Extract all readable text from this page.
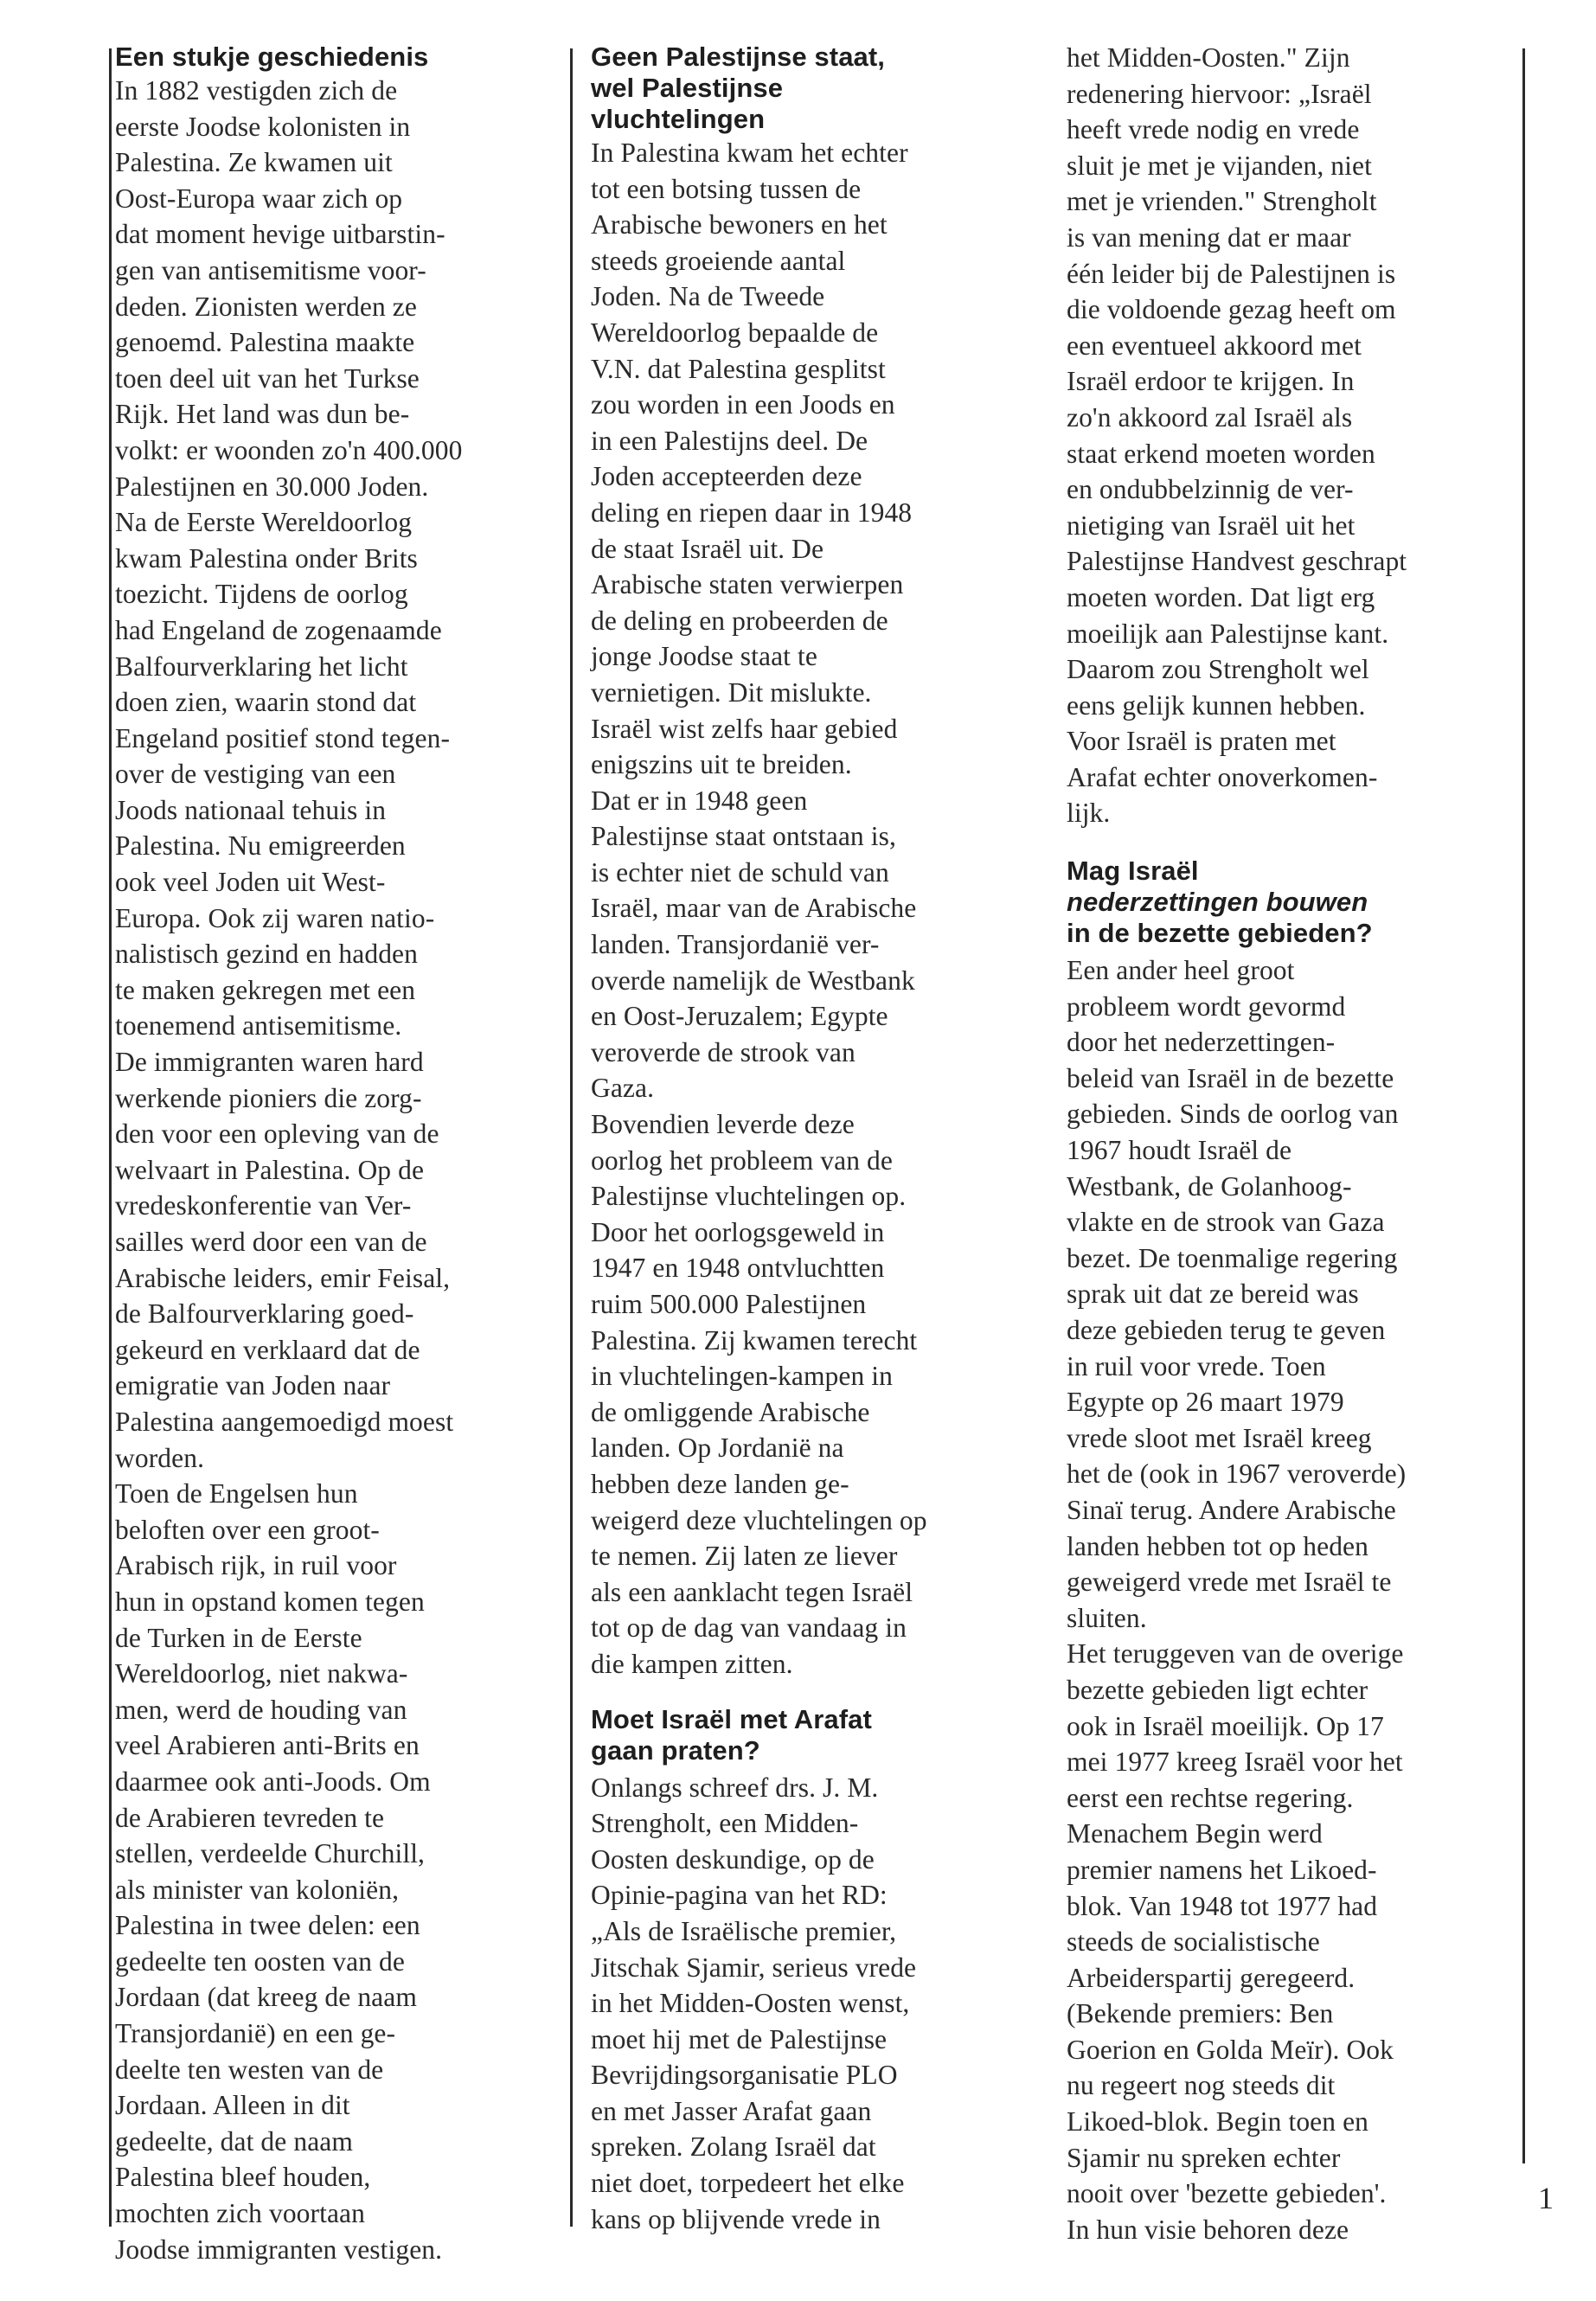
Een stukje geschiedenis

In 1882 vestigden zich de

eerste Joodse kolonisten in

Palestina. Ze kwamen uit

Oost-Europa waar zich op

dat moment hevige uitbarstin-

gen van antisemitisme voor-

deden. Zionisten werden ze

genoemd. Palestina maakte

toen deel uit van het Turkse

Rijk. Het land was dun be-

volkt: er woonden zo'n 400.000

Palestijnen en 30.000 Joden.

Na de Eerste Wereldoorlog

kwam Palestina onder Brits

toezicht. Tijdens de oorlog

had Engeland de zogenaamde

Balfourverklaring het licht

doen zien, waarin stond dat

Engeland positief stond tegen-

over de vestiging van een

Joods nationaal tehuis in

Palestina. Nu emigreerden

ook veel Joden uit West-

Europa. Ook zij waren natio-

nalistisch gezind en hadden

te maken gekregen met een

toenemend antisemitisme.

De immigranten waren hard

werkende pioniers die zorg-

den voor een opleving van de

welvaart in Palestina. Op de

vredeskonferentie van Ver-

sailles werd door een van de

Arabische leiders, emir Feisal,

de Balfourverklaring goed-

gekeurd en verklaard dat de

emigratie van Joden naar

Palestina aangemoedigd moest

worden.

Toen de Engelsen hun

beloften over een groot-

Arabisch rijk, in ruil voor

hun in opstand komen tegen

de Turken in de Eerste

Wereldoorlog, niet nakwa-

men, werd de houding van

veel Arabieren anti-Brits en

daarmee ook anti-Joods. Om

de Arabieren tevreden te

stellen, verdeelde Churchill,

als minister van koloniën,

Palestina in twee delen: een

gedeelte ten oosten van de

Jordaan (dat kreeg de naam

Transjordanië) en een ge-

deelte ten westen van de

Jordaan. Alleen in dit

gedeelte, dat de naam

Palestina bleef houden,

mochten zich voortaan

Joodse immigranten vestigen.

Geen Palestijnse staat,
wel Palestijnse
vluchtelingen

In Palestina kwam het echter

tot een botsing tussen de

Arabische bewoners en het

steeds groeiende aantal

Joden. Na de Tweede

Wereldoorlog bepaalde de

V.N. dat Palestina gesplitst

zou worden in een Joods en

in een Palestijns deel. De

Joden accepteerden deze

deling en riepen daar in 1948

de staat Israël uit. De

Arabische staten verwierpen

de deling en probeerden de

jonge Joodse staat te

vernietigen. Dit mislukte.

Israël wist zelfs haar gebied

enigszins uit te breiden.

Dat er in 1948 geen

Palestijnse staat ontstaan is,

is echter niet de schuld van

Israël, maar van de Arabische

landen. Transjordanië ver-

overde namelijk de Westbank

en Oost-Jeruzalem; Egypte

veroverde de strook van

Gaza.

Bovendien leverde deze

oorlog het probleem van de

Palestijnse vluchtelingen op.

Door het oorlogsgeweld in

1947 en 1948 ontvluchtten

ruim 500.000 Palestijnen

Palestina. Zij kwamen terecht

in vluchtelingen-kampen in

de omliggende Arabische

landen. Op Jordanië na

hebben deze landen ge-

weigerd deze vluchtelingen op

te nemen. Zij laten ze liever

als een aanklacht tegen Israël

tot op de dag van vandaag in

die kampen zitten.

Moet Israël met Arafat
gaan praten?

Onlangs schreef drs. J. M.

Strengholt, een Midden-

Oosten deskundige, op de

Opinie-pagina van het RD:

„Als de Israëlische premier,

Jitschak Sjamir, serieus vrede

in het Midden-Oosten wenst,

moet hij met de Palestijnse

Bevrijdingsorganisatie PLO

en met Jasser Arafat gaan

spreken. Zolang Israël dat

niet doet, torpedeert het elke

kans op blijvende vrede in

het Midden-Oosten." Zijn

redenering hiervoor: „Israël

heeft vrede nodig en vrede

sluit je met je vijanden, niet

met je vrienden." Strengholt

is van mening dat er maar

één leider bij de Palestijnen is

die voldoende gezag heeft om

een eventueel akkoord met

Israël erdoor te krijgen. In

zo'n akkoord zal Israël als

staat erkend moeten worden

en ondubbelzinnig de ver-

nietiging van Israël uit het

Palestijnse Handvest geschrapt

moeten worden. Dat ligt erg

moeilijk aan Palestijnse kant.

Daarom zou Strengholt wel

eens gelijk kunnen hebben.

Voor Israël is praten met

Arafat echter onoverkomen-

lijk.

Mag Israël
nederzettingen bouwen
in de bezette gebieden?

Een ander heel groot

probleem wordt gevormd

door het nederzettingen-

beleid van Israël in de bezette

gebieden. Sinds de oorlog van

1967 houdt Israël de

Westbank, de Golanhoog-

vlakte en de strook van Gaza

bezet. De toenmalige regering

sprak uit dat ze bereid was

deze gebieden terug te geven

in ruil voor vrede. Toen

Egypte op 26 maart 1979

vrede sloot met Israël kreeg

het de (ook in 1967 veroverde)

Sinaï terug. Andere Arabische

landen hebben tot op heden

geweigerd vrede met Israël te

sluiten.

Het teruggeven van de overige

bezette gebieden ligt echter

ook in Israël moeilijk. Op 17

mei 1977 kreeg Israël voor het

eerst een rechtse regering.

Menachem Begin werd

premier namens het Likoed-

blok. Van 1948 tot 1977 had

steeds de socialistische

Arbeiderspartij geregeerd.

(Bekende premiers: Ben

Goerion en Golda Meïr). Ook

nu regeert nog steeds dit

Likoed-blok. Begin toen en

Sjamir nu spreken echter

nooit over 'bezette gebieden'.

In hun visie behoren deze

1
